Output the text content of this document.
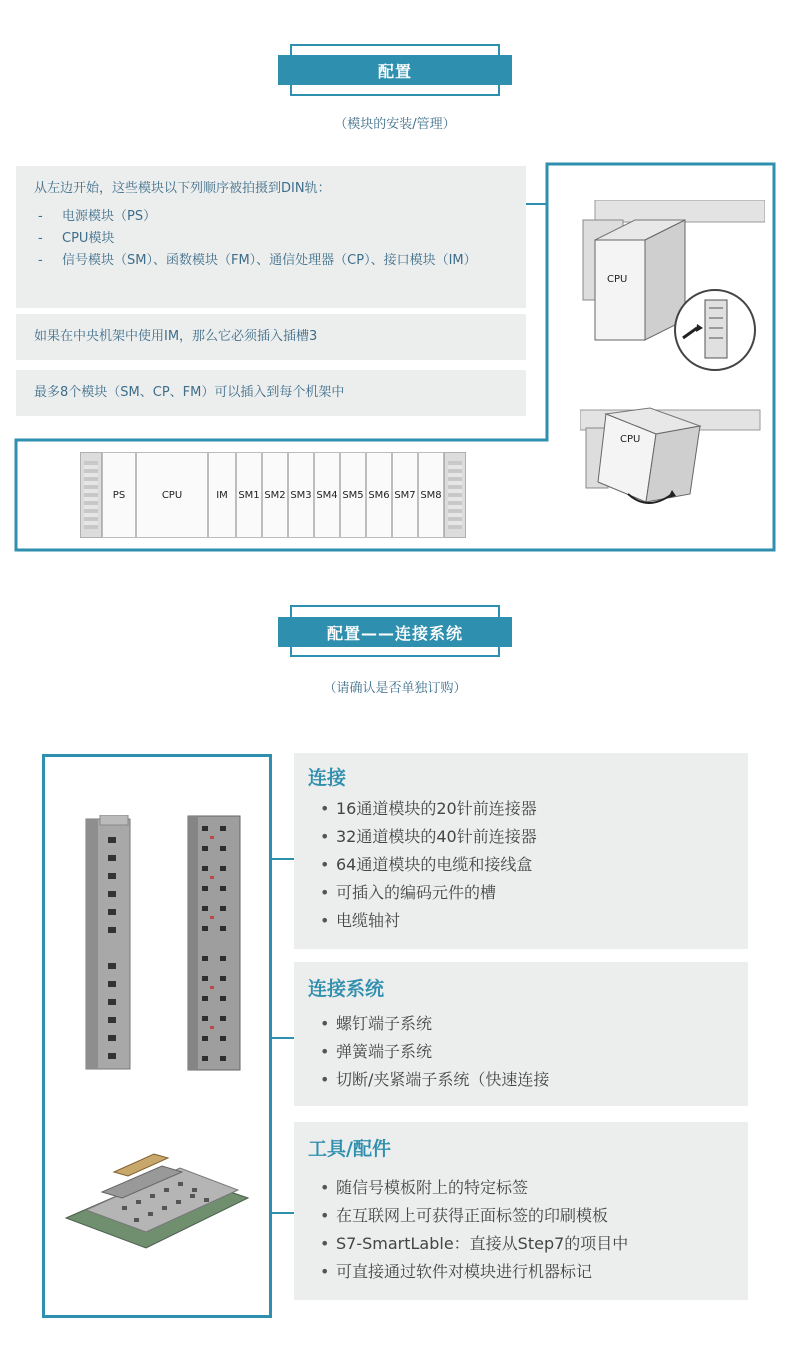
配置
（模块的安装/管理）
从左边开始，这些模块以下列顺序被拍摄到DIN轨：
- 电源模块（PS）
- CPU模块
- 信号模块（SM）、函数模块（FM）、通信处理器（CP）、接口模块（IM）
如果在中央机架中使用IM，那么它必须插入插槽3
最多8个模块（SM、CP、FM）可以插入到每个机架中
CPU
CPU
PS	CPU	IM	SM1 SM2 SM3 SM4 SM5 SM6 SM7 SM8
配置——连接系统
（请确认是否单独订购）
连接
• 16通道模块的20针前连接器
• 32通道模块的40针前连接器
• 64通道模块的电缆和接线盒
• 可插入的编码元件的槽
• 电缆轴衬
连接系统
• 螺钉端子系统
• 弹簧端子系统
• 切断/夹紧端子系统（快速连接
工具/配件
• 随信号模板附上的特定标签
• 在互联网上可获得正面标签的印刷模板
• S7-SmartLable：直接从Step7的项目中
• 可直接通过软件对模块进行机器标记
